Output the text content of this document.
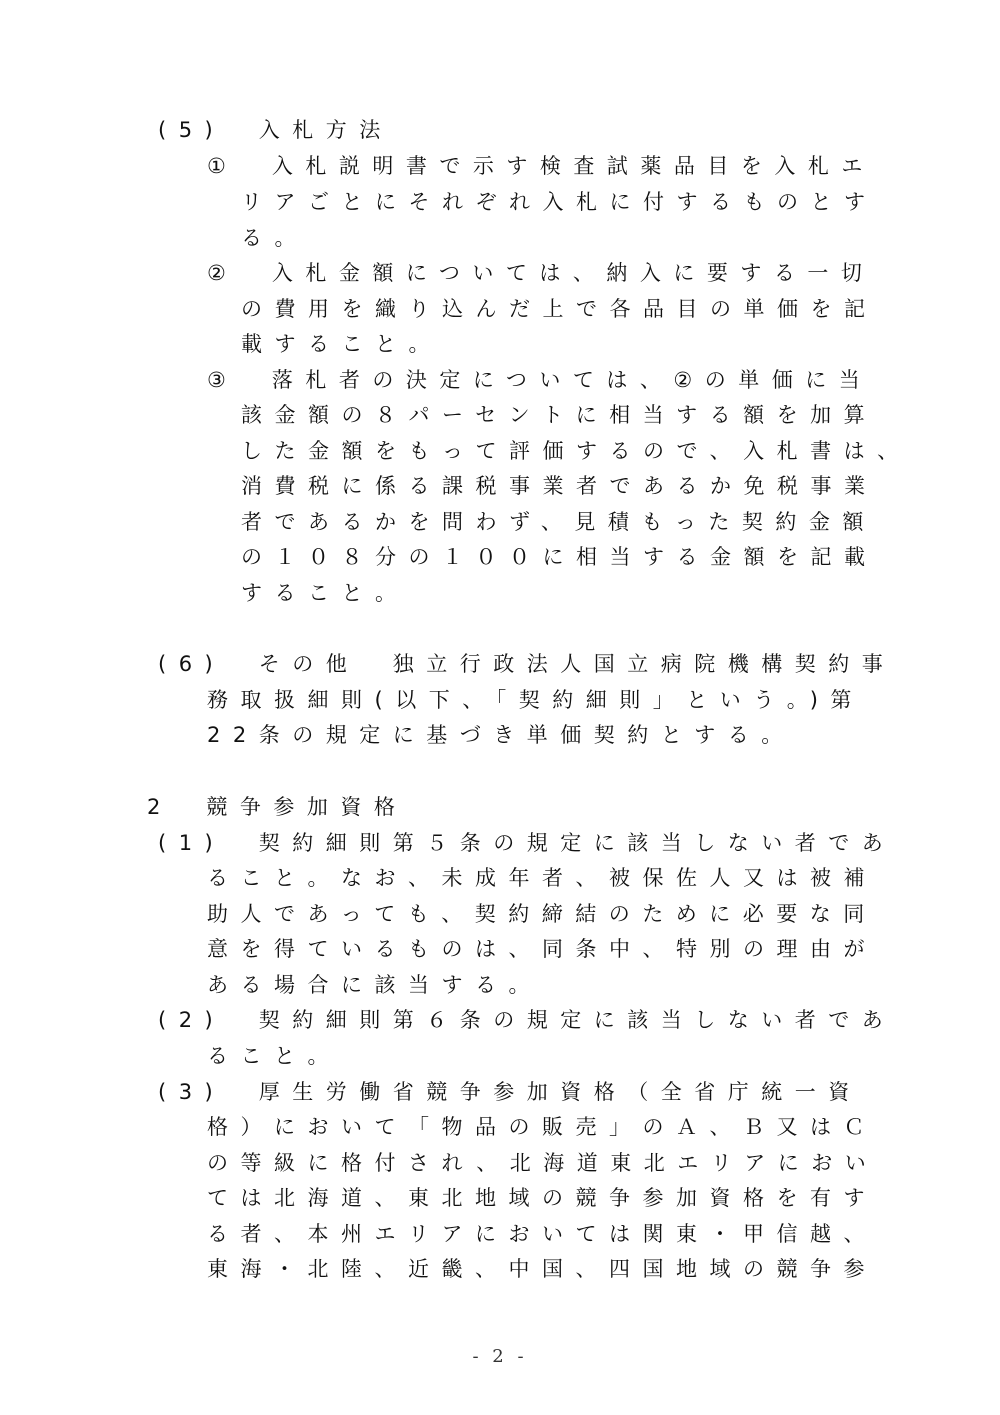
(5)　入札方法
①　入札説明書で示す検査試薬品目を入札エ
リアごとにそれぞれ入札に付するものとす
る。
②　入札金額については、納入に要する一切
の費用を織り込んだ上で各品目の単価を記
載すること。
③　落札者の決定については、②の単価に当
該金額の８パーセントに相当する額を加算
した金額をもって評価するので、入札書は、
消費税に係る課税事業者であるか免税事業
者であるかを問わず、見積もった契約金額
の１０８分の１００に相当する金額を記載
すること。
(6)　その他　独立行政法人国立病院機構契約事
務取扱細則(以下、「契約細則」という。)第
22条の規定に基づき単価契約とする。
2　競争参加資格
(1)　契約細則第５条の規定に該当しない者であ
ること。なお、未成年者、被保佐人又は被補
助人であっても、契約締結のために必要な同
意を得ているものは、同条中、特別の理由が
ある場合に該当する。
(2)　契約細則第６条の規定に該当しない者であ
ること。
(3)　厚生労働省競争参加資格（全省庁統一資
格）において「物品の販売」のＡ、Ｂ又はＣ
の等級に格付され、北海道東北エリアにおい
ては北海道、東北地域の競争参加資格を有す
る者、本州エリアにおいては関東・甲信越、
東海・北陸、近畿、中国、四国地域の競争参
- 2 -
